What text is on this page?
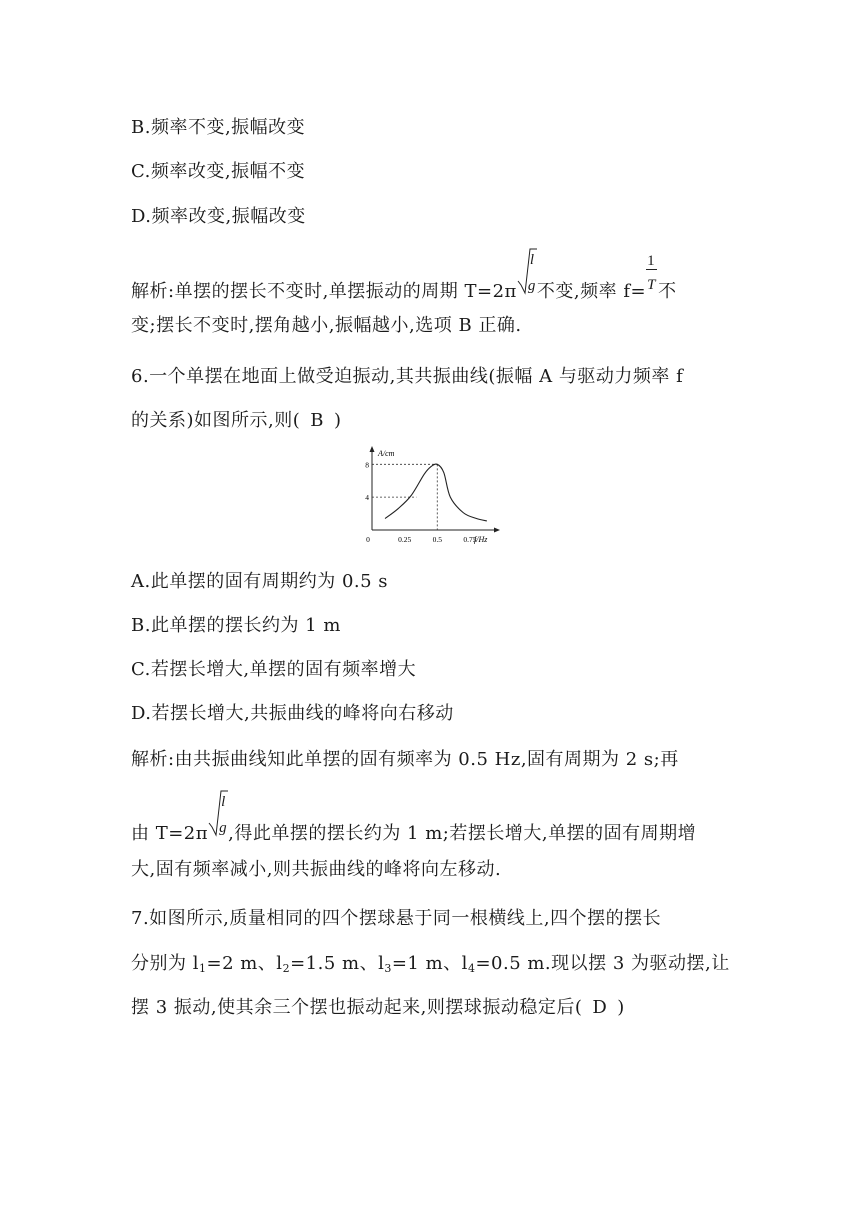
B.频率不变,振幅改变
C.频率改变,振幅不变
D.频率改变,振幅改变
解析:单摆的摆长不变时,单摆振动的周期 T=2π
l
g 不变,频率 $f= \frac{1}{T}$ 不
变;摆长不变时,摆角越小,振幅越小,选项 B 正确.
6.一个单摆在地面上做受迫振动,其共振曲线(振幅 A 与驱动力频率 f
的关系)如图所示,则( B )
A/cm
f/Hz
0	0.25	0.5	0.75
4
8
A.此单摆的固有周期约为 0.5 s
B.此单摆的摆长约为 1 m
C.若摆长增大,单摆的固有频率增大
D.若摆长增大,共振曲线的峰将向右移动
解析:由共振曲线知此单摆的固有频率为 0.5 Hz,固有周期为 2 s;再
由 T=2π
l
g ,得此单摆的摆长约为 1 m;若摆长增大,单摆的固有周期增
大,固有频率减小,则共振曲线的峰将向左移动.
7.如图所示,质量相同的四个摆球悬于同一根横线上,四个摆的摆长
分别为 $l_1=2$ m、$l_2=1.5$ m、$l_3=1$ m、$l_4=0.5$ m.现以摆 3 为驱动摆,让
摆 3 振动,使其余三个摆也振动起来,则摆球振动稳定后( D )
